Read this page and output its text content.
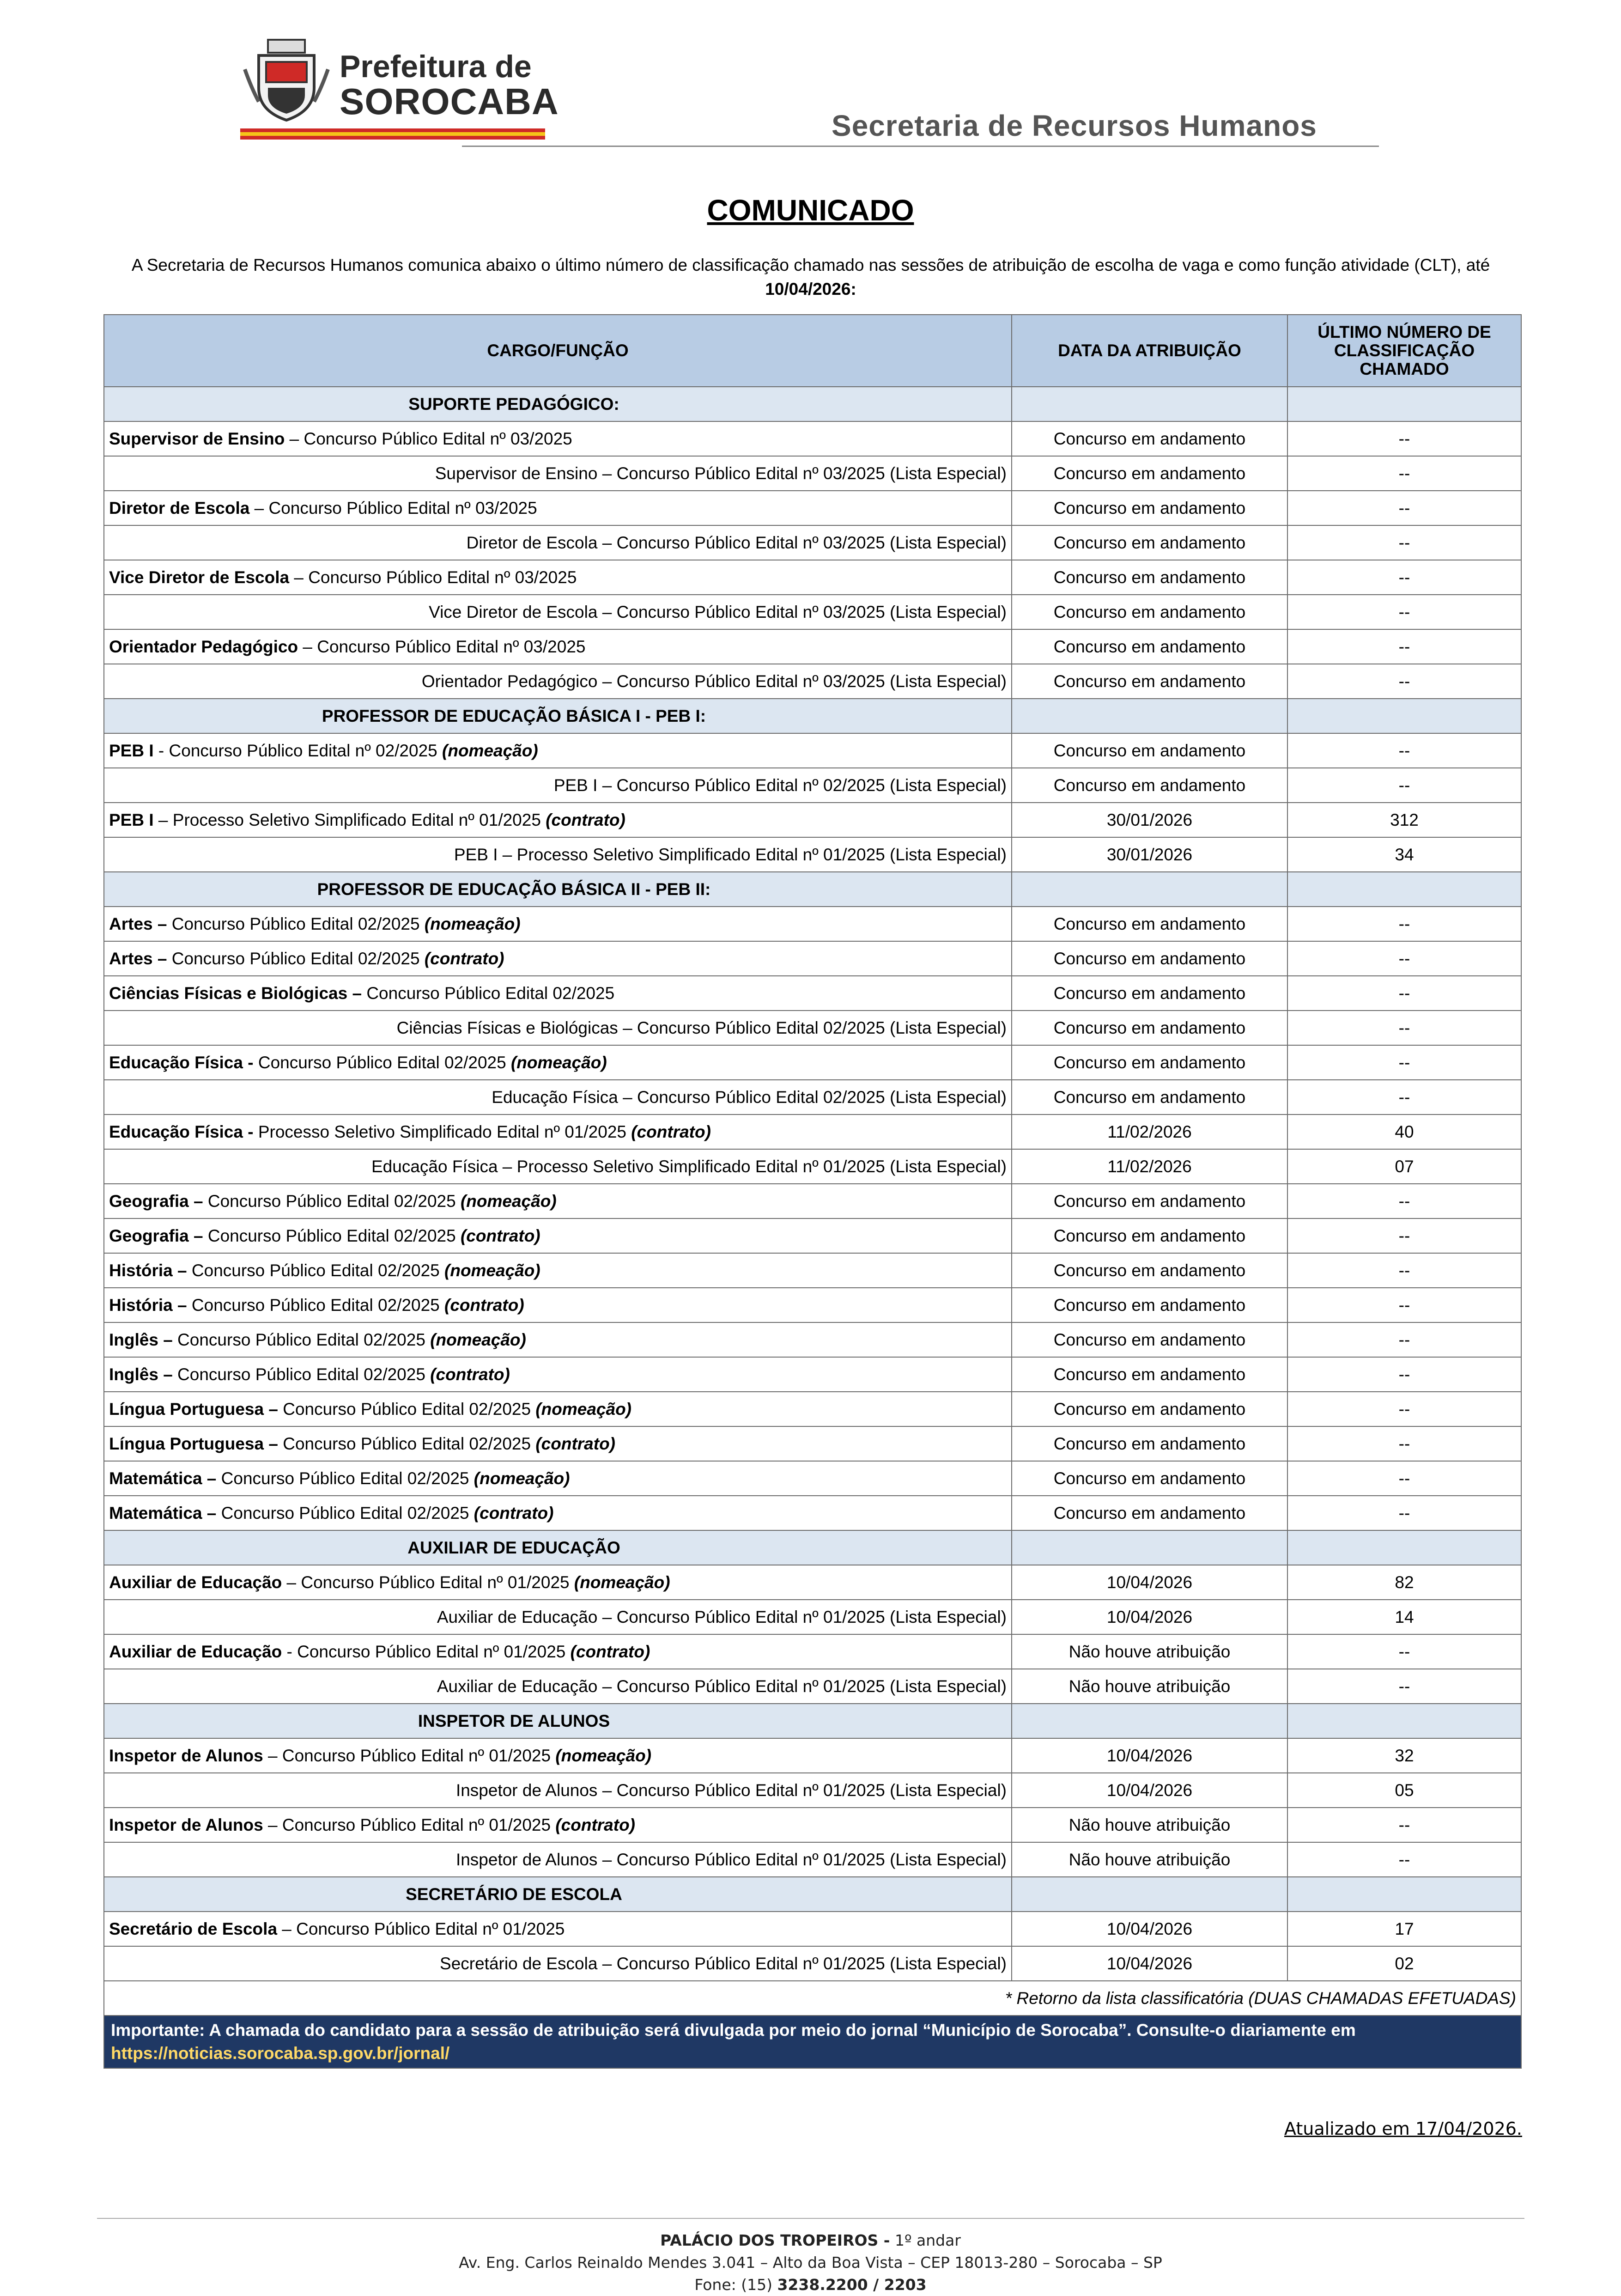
Prefeitura de
SOROCABA
Secretaria de Recursos Humanos
COMUNICADO
A Secretaria de Recursos Humanos comunica abaixo o último número de classificação chamado nas sessões de atribuição de escolha de vaga e como função atividade (CLT), até
10/04/2026:
CARGO/FUNÇÃO	DATA DA ATRIBUIÇÃO	ÚLTIMO NÚMERO DE CLASSIFICAÇÃO CHAMADO
SUPORTE PEDAGÓGICO:		
Supervisor de Ensino – Concurso Público Edital nº 03/2025	Concurso em andamento	--
Supervisor de Ensino – Concurso Público Edital nº 03/2025 (Lista Especial)	Concurso em andamento	--
Diretor de Escola – Concurso Público Edital nº 03/2025	Concurso em andamento	--
Diretor de Escola – Concurso Público Edital nº 03/2025 (Lista Especial)	Concurso em andamento	--
Vice Diretor de Escola – Concurso Público Edital nº 03/2025	Concurso em andamento	--
Vice Diretor de Escola – Concurso Público Edital nº 03/2025 (Lista Especial)	Concurso em andamento	--
Orientador Pedagógico – Concurso Público Edital nº 03/2025	Concurso em andamento	--
Orientador Pedagógico – Concurso Público Edital nº 03/2025 (Lista Especial)	Concurso em andamento	--
PROFESSOR DE EDUCAÇÃO BÁSICA I - PEB I:		
PEB I - Concurso Público Edital nº 02/2025 (nomeação)	Concurso em andamento	--
PEB I – Concurso Público Edital nº 02/2025 (Lista Especial)	Concurso em andamento	--
PEB I – Processo Seletivo Simplificado Edital nº 01/2025 (contrato)	30/01/2026	312
PEB I – Processo Seletivo Simplificado Edital nº 01/2025 (Lista Especial)	30/01/2026	34
PROFESSOR DE EDUCAÇÃO BÁSICA II - PEB II:		
Artes – Concurso Público Edital 02/2025 (nomeação)	Concurso em andamento	--
Artes – Concurso Público Edital 02/2025 (contrato)	Concurso em andamento	--
Ciências Físicas e Biológicas – Concurso Público Edital 02/2025	Concurso em andamento	--
Ciências Físicas e Biológicas – Concurso Público Edital 02/2025 (Lista Especial)	Concurso em andamento	--
Educação Física - Concurso Público Edital 02/2025 (nomeação)	Concurso em andamento	--
Educação Física – Concurso Público Edital 02/2025 (Lista Especial)	Concurso em andamento	--
Educação Física - Processo Seletivo Simplificado Edital nº 01/2025 (contrato)	11/02/2026	40
Educação Física – Processo Seletivo Simplificado Edital nº 01/2025 (Lista Especial)	11/02/2026	07
Geografia – Concurso Público Edital 02/2025 (nomeação)	Concurso em andamento	--
Geografia – Concurso Público Edital 02/2025 (contrato)	Concurso em andamento	--
História – Concurso Público Edital 02/2025 (nomeação)	Concurso em andamento	--
História – Concurso Público Edital 02/2025 (contrato)	Concurso em andamento	--
Inglês – Concurso Público Edital 02/2025 (nomeação)	Concurso em andamento	--
Inglês – Concurso Público Edital 02/2025 (contrato)	Concurso em andamento	--
Língua Portuguesa – Concurso Público Edital 02/2025 (nomeação)	Concurso em andamento	--
Língua Portuguesa – Concurso Público Edital 02/2025 (contrato)	Concurso em andamento	--
Matemática – Concurso Público Edital 02/2025 (nomeação)	Concurso em andamento	--
Matemática – Concurso Público Edital 02/2025 (contrato)	Concurso em andamento	--
AUXILIAR DE EDUCAÇÃO		
Auxiliar de Educação – Concurso Público Edital nº 01/2025 (nomeação)	10/04/2026	82
Auxiliar de Educação – Concurso Público Edital nº 01/2025 (Lista Especial)	10/04/2026	14
Auxiliar de Educação - Concurso Público Edital nº 01/2025 (contrato)	Não houve atribuição	--
Auxiliar de Educação – Concurso Público Edital nº 01/2025 (Lista Especial)	Não houve atribuição	--
INSPETOR DE ALUNOS		
Inspetor de Alunos – Concurso Público Edital nº 01/2025 (nomeação)	10/04/2026	32
Inspetor de Alunos – Concurso Público Edital nº 01/2025 (Lista Especial)	10/04/2026	05
Inspetor de Alunos – Concurso Público Edital nº 01/2025 (contrato)	Não houve atribuição	--
Inspetor de Alunos – Concurso Público Edital nº 01/2025 (Lista Especial)	Não houve atribuição	--
SECRETÁRIO DE ESCOLA		
Secretário de Escola – Concurso Público Edital nº 01/2025	10/04/2026	17
Secretário de Escola – Concurso Público Edital nº 01/2025 (Lista Especial)	10/04/2026	02
* Retorno da lista classificatória (DUAS CHAMADAS EFETUADAS)		
Importante: A chamada do candidato para a sessão de atribuição será divulgada por meio do jornal “Município de Sorocaba”. Consulte-o diariamente em
https://noticias.sorocaba.sp.gov.br/jornal/		
Atualizado em 17/04/2026.
PALÁCIO DOS TROPEIROS - 1º andar
Av. Eng. Carlos Reinaldo Mendes 3.041 – Alto da Boa Vista – CEP 18013-280 – Sorocaba – SP
Fone: (15) 3238.2200 / 2203
